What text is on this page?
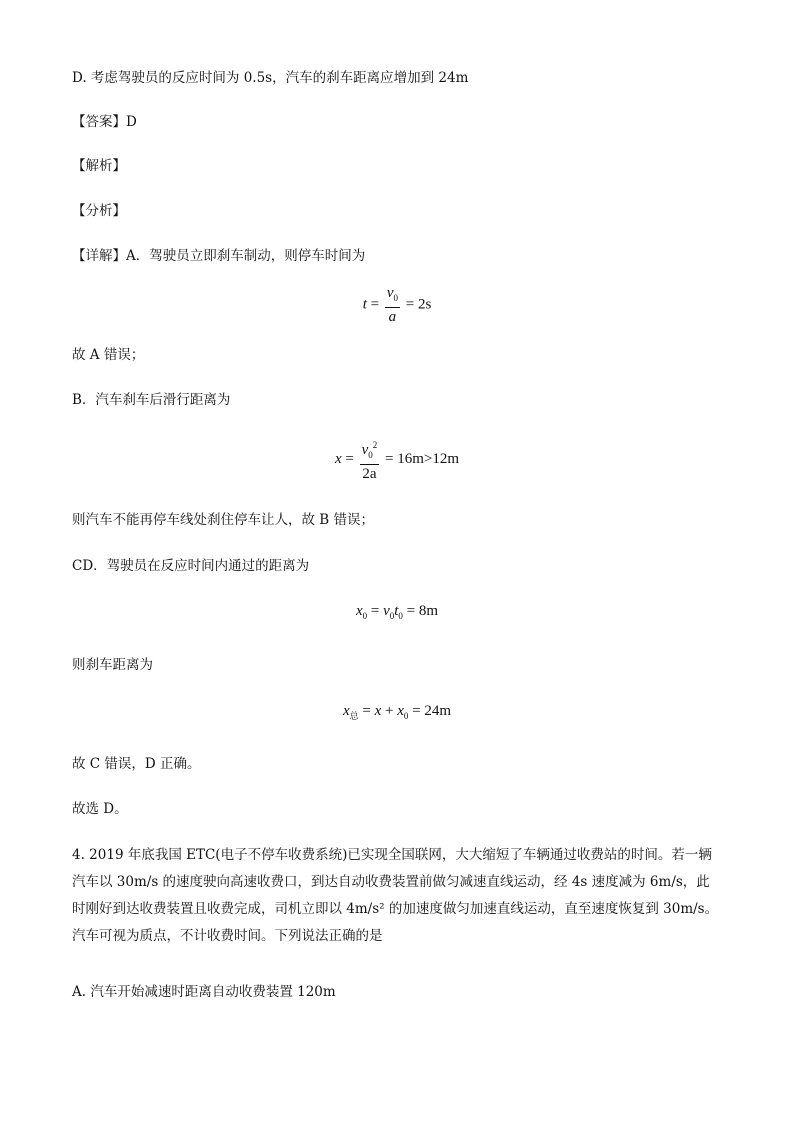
D. 考虑驾驶员的反应时间为 0.5s，汽车的刹车距离应增加到 24m
【答案】D
【解析】
【分析】
【详解】A．驾驶员立即刹车制动，则停车时间为
$t = \frac{v_0}{a} = 2s$
故 A 错误；
B．汽车刹车后滑行距离为
$x = \frac{v_0^2}{2a} = 16m>12m$
则汽车不能再停车线处刹住停车让人，故 B 错误；
CD．驾驶员在反应时间内通过的距离为
$x_0 = v_0t_0 = 8m$
则刹车距离为
$x_总 = x + x_0 = 24m$
故 C 错误，D 正确。
故选 D。
4. 2019 年底我国 ETC(电子不停车收费系统)已实现全国联网，大大缩短了车辆通过收费站的时间。若一辆汽车以 30m/s 的速度驶向高速收费口，到达自动收费装置前做匀减速直线运动，经 4s 速度减为 6m/s，此时刚好到达收费装置且收费完成，司机立即以 4m/s² 的加速度做匀加速直线运动，直至速度恢复到 30m/s。汽车可视为质点，不计收费时间。下列说法正确的是
A. 汽车开始减速时距离自动收费装置 120m
